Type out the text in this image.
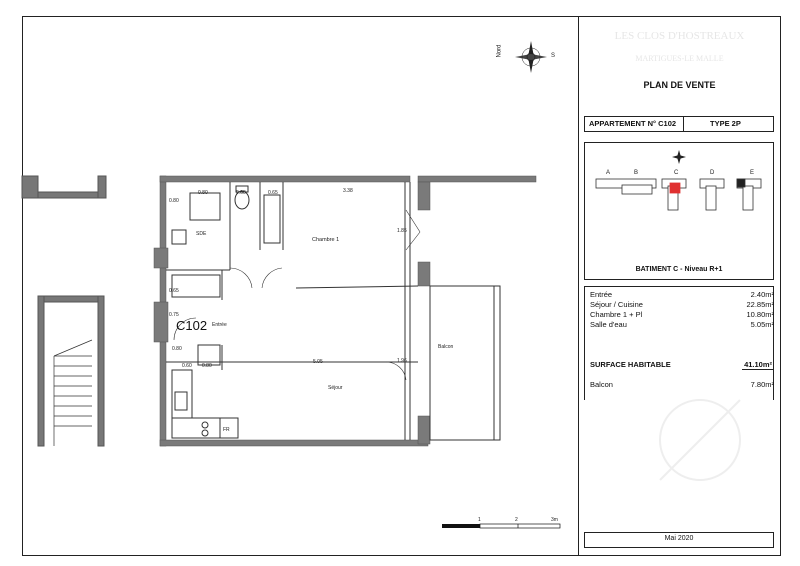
Chambre 1
SDE
Entrée
Séjour
Balcon
FR
C102
0.80	0.60	0.65	3.38
5.05
0.80
0.65
0.75
1.85
0.80
0.80
1.96
0.60
Nord	S
1	2	3m
LES CLOS D'HOSTREAUX
MARTIGUES-LE MALLE
PLAN DE VENTE
APPARTEMENT N° C102	TYPE 2P
A	B	C	D	E
BATIMENT C - Niveau R+1
Entrée	2.40m²
Séjour / Cuisine	22.85m²
Chambre 1 + Pl	10.80m²
Salle d'eau	5.05m²
SURFACE HABITABLE	41.10m²
Balcon	7.80m²
Mai 2020
